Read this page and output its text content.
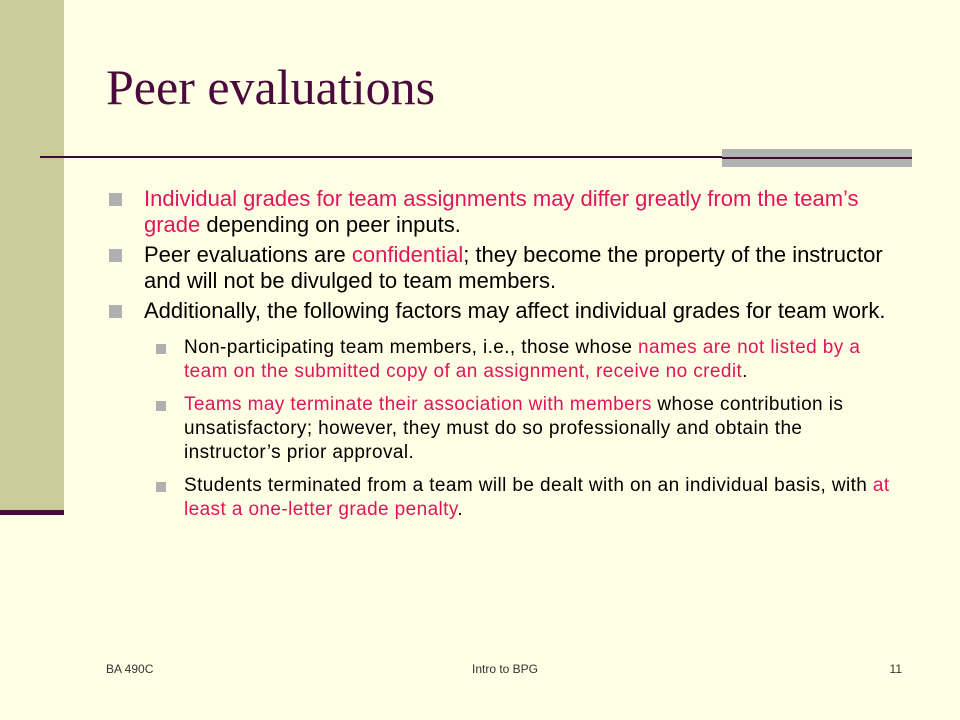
Peer evaluations
Individual grades for team assignments may differ greatly from the team’s grade depending on peer inputs.
Peer evaluations are confidential; they become the property of the instructor and will not be divulged to team members.
Additionally, the following factors may affect individual grades for team work.
Non-participating team members, i.e., those whose names are not listed by a team on the submitted copy of an assignment, receive no credit.
Teams may terminate their association with members whose contribution is unsatisfactory; however, they must do so professionally and obtain the instructor’s prior approval.
Students terminated from a team will be dealt with on an individual basis, with at least a one-letter grade penalty.
BA 490C	Intro to BPG	11
